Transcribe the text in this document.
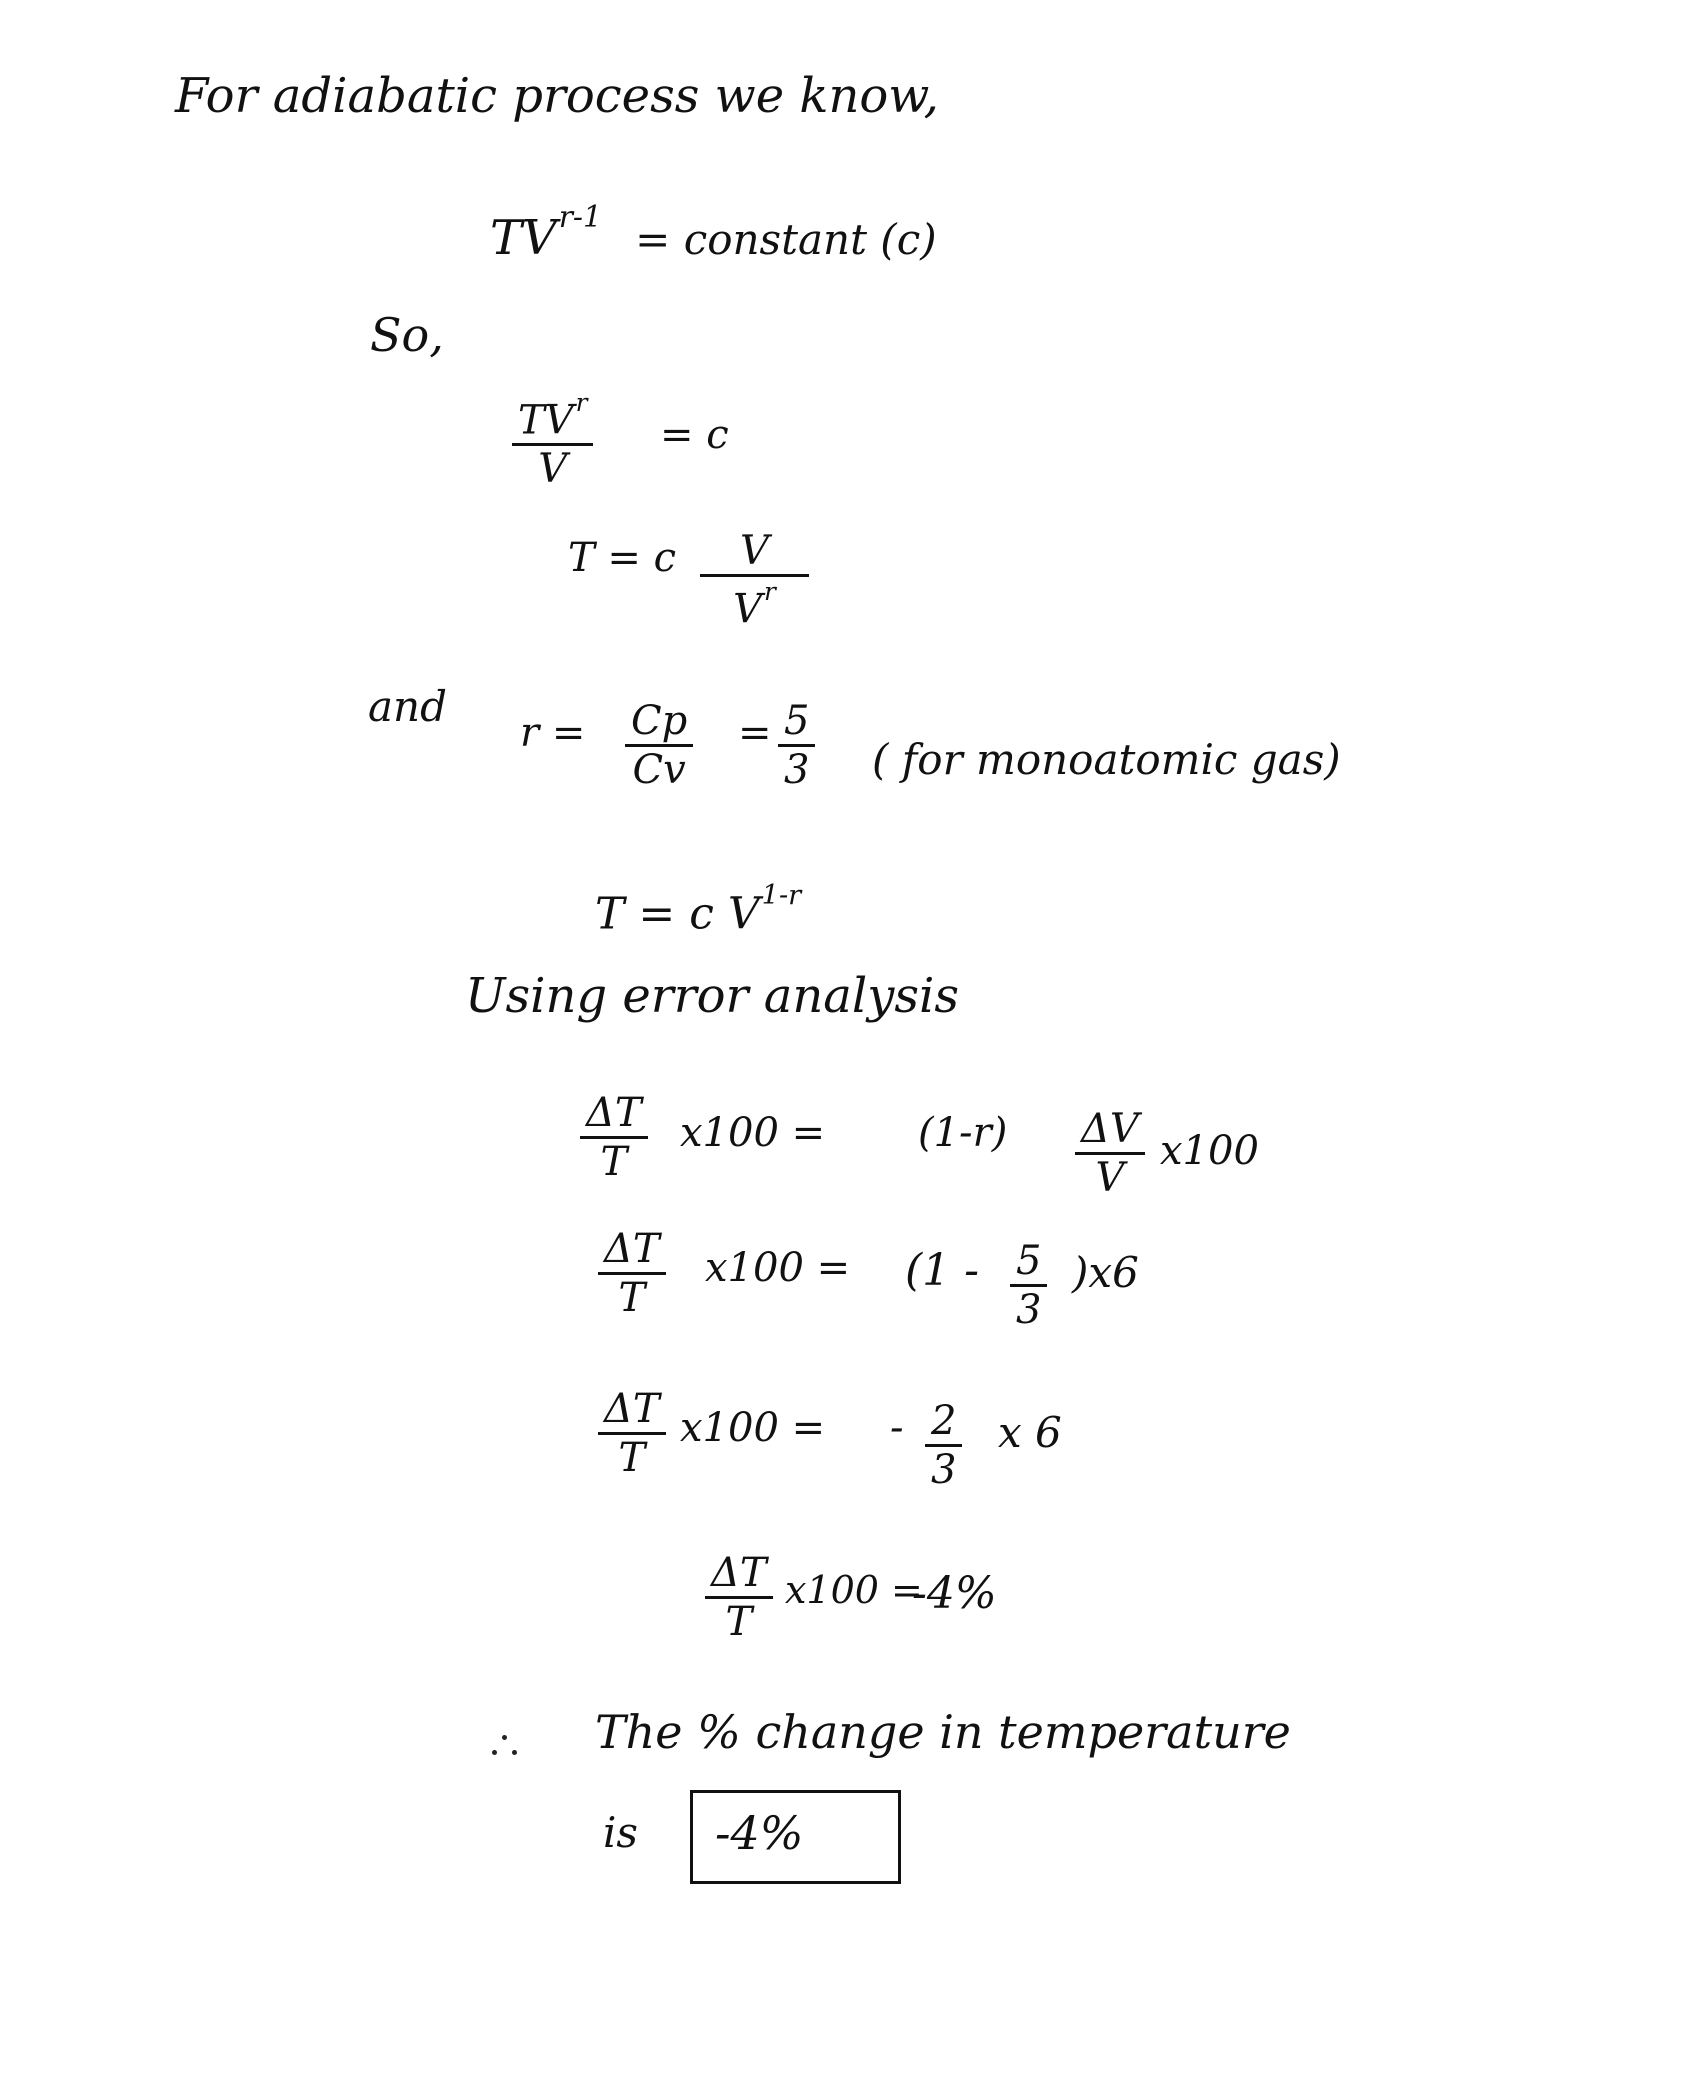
For adiabatic process we know,
$TV^{r-1}$ = constant (c)
So,
$TV^r$
V
= c
T = c $\frac{V}{V^r}$
and
$r = \frac{Cp}{Cv} = \frac{5}{3}$ ( for monoatomic gas)
T = c $V^{1-r}$
Using error analysis
$\frac{\Delta T}{T} x100 = (1-r) \frac{\Delta V}{V} x100$
$\frac{\Delta T}{T} x100 = (1 - \frac{5}{3} )x6$
$\frac{\Delta T}{T} x100$ = - $\frac{2}{3}$ x 6
$\frac{\Delta T}{T} x100$ =
-4%
The % change in temperature
is -4%
